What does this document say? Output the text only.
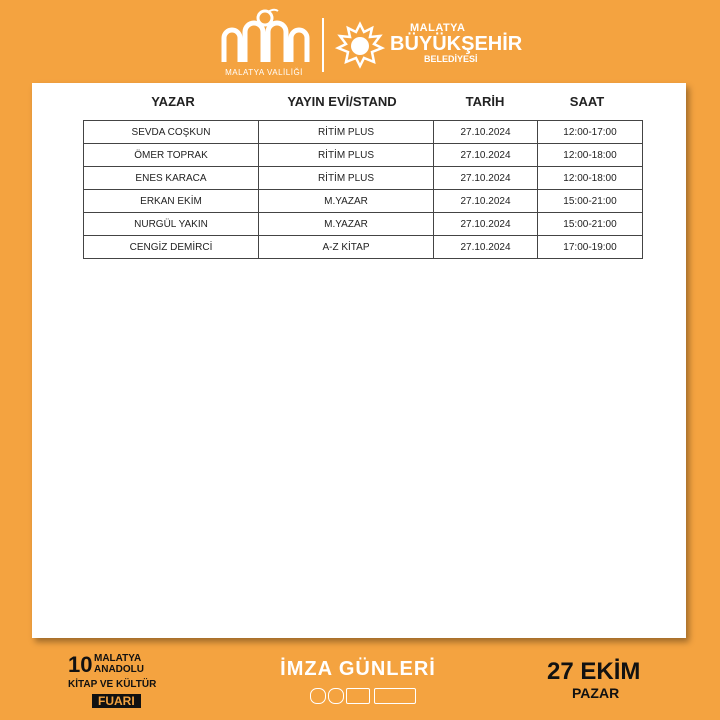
MALATYA VALİLİĞİ
MALATYA
BÜYÜKŞEHİR
BELEDİYESİ
YAZAR	YAYIN EVİ/STAND	TARİH	SAAT
SEVDA COŞKUN	RİTİM PLUS	27.10.2024	12:00-17:00
ÖMER TOPRAK	RİTİM PLUS	27.10.2024	12:00-18:00
ENES KARACA	RİTİM PLUS	27.10.2024	12:00-18:00
ERKAN EKİM	M.YAZAR	27.10.2024	15:00-21:00
NURGÜL YAKIN	M.YAZAR	27.10.2024	15:00-21:00
CENGİZ DEMİRCİ	A-Z KİTAP	27.10.2024	17:00-19:00
10 MALATYA
ANADOLU
KİTAP VE KÜLTÜR
FUARI
İMZA GÜNLERİ	27 EKİM
PAZAR
